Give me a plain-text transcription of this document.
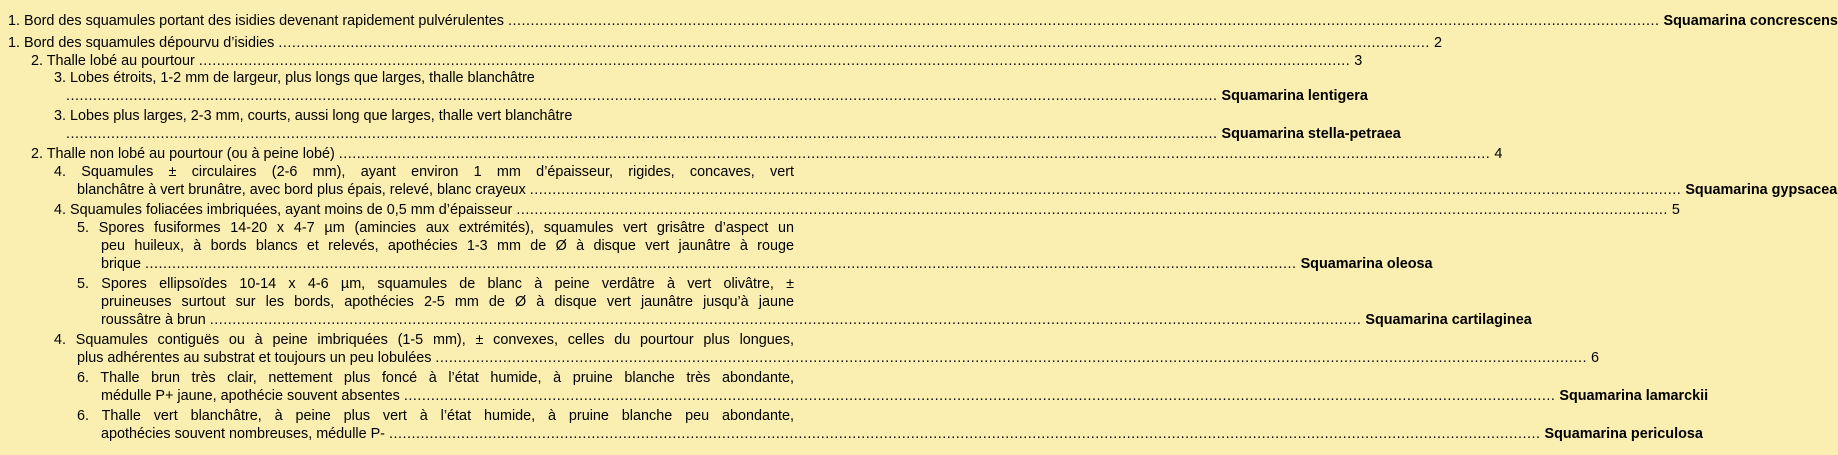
1. Bord des squamules portant des isidies devenant rapidement pulvérulentes ................................................................................................................................................................................................................................................................ Squamarina concrescens
1. Bord des squamules dépourvu d’isidies ................................................................................................................................................................................................................................................................ 2
2. Thalle lobé au pourtour ................................................................................................................................................................................................................................................................ 3
3. Lobes étroits, 1-2 mm de largeur, plus longs que larges, thalle blanchâtre
................................................................................................................................................................................................................................................................ Squamarina lentigera
3. Lobes plus larges, 2-3 mm, courts, aussi long que larges, thalle vert blanchâtre
................................................................................................................................................................................................................................................................ Squamarina stella-petraea
2. Thalle non lobé au pourtour (ou à peine lobé) ................................................................................................................................................................................................................................................................ 4
4. Squamules ± circulaires (2-6 mm), ayant environ 1 mm d’épaisseur, rigides, concaves, vert
blanchâtre à vert brunâtre, avec bord plus épais, relevé, blanc crayeux ................................................................................................................................................................................................................................................................ Squamarina gypsacea
4. Squamules foliacées imbriquées, ayant moins de 0,5 mm d’épaisseur ................................................................................................................................................................................................................................................................ 5
5. Spores fusiformes 14-20 x 4-7 µm (amincies aux extrémités), squamules vert grisâtre d’aspect un
peu huileux, à bords blancs et relevés, apothécies 1-3 mm de Ø à disque vert jaunâtre à rouge
brique ................................................................................................................................................................................................................................................................ Squamarina oleosa
5. Spores ellipsoïdes 10-14 x 4-6 µm, squamules de blanc à peine verdâtre à vert olivâtre, ±
pruineuses surtout sur les bords, apothécies 2-5 mm de Ø à disque vert jaunâtre jusqu’à jaune
roussâtre à brun ................................................................................................................................................................................................................................................................ Squamarina cartilaginea
4. Squamules contiguës ou à peine imbriquées (1-5 mm), ± convexes, celles du pourtour plus longues,
plus adhérentes au substrat et toujours un peu lobulées ................................................................................................................................................................................................................................................................ 6
6. Thalle brun très clair, nettement plus foncé à l’état humide, à pruine blanche très abondante,
médulle P+ jaune, apothécie souvent absentes ................................................................................................................................................................................................................................................................ Squamarina lamarckii
6. Thalle vert blanchâtre, à peine plus vert à l’état humide, à pruine blanche peu abondante,
apothécies souvent nombreuses, médulle P- ................................................................................................................................................................................................................................................................ Squamarina periculosa
